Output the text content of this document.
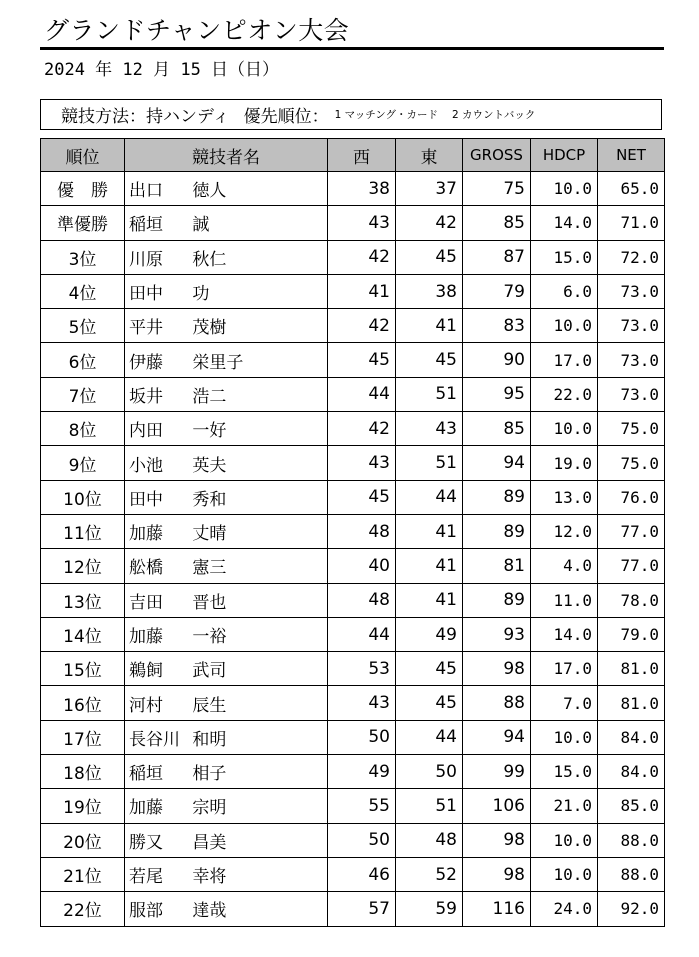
グランドチャンピオン大会
2024 年 12 月 15 日（日）
競技方法：持ハンディ 優先順位： 1 マッチング・カード 2 カウントバック
順位	競技者名	西	東	GROSS	HDCP	NET
優　勝	出口 徳人	38	37	75	10.0	65.0
準優勝	稲垣 誠	43	42	85	14.0	71.0
3位	川原 秋仁	42	45	87	15.0	72.0
4位	田中 功	41	38	79	6.0	73.0
5位	平井 茂樹	42	41	83	10.0	73.0
6位	伊藤 栄里子	45	45	90	17.0	73.0
7位	坂井 浩二	44	51	95	22.0	73.0
8位	内田 一好	42	43	85	10.0	75.0
9位	小池 英夫	43	51	94	19.0	75.0
10位	田中 秀和	45	44	89	13.0	76.0
11位	加藤 丈晴	48	41	89	12.0	77.0
12位	舩橋 憲三	40	41	81	4.0	77.0
13位	吉田 晋也	48	41	89	11.0	78.0
14位	加藤 一裕	44	49	93	14.0	79.0
15位	鵜飼 武司	53	45	98	17.0	81.0
16位	河村 辰生	43	45	88	7.0	81.0
17位	長谷川 和明	50	44	94	10.0	84.0
18位	稲垣 相子	49	50	99	15.0	84.0
19位	加藤 宗明	55	51	106	21.0	85.0
20位	勝又 昌美	50	48	98	10.0	88.0
21位	若尾 幸将	46	52	98	10.0	88.0
22位	服部 達哉	57	59	116	24.0	92.0
